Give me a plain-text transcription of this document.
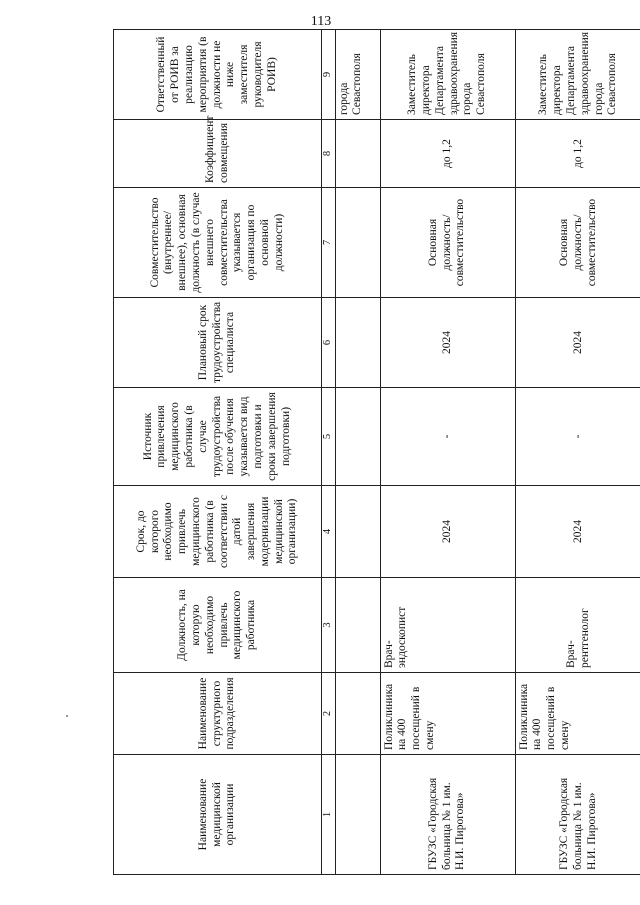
113
Наименование медицинской организации	Наименование структурного подразделения	Должность, на которую необходимо привлечь медицинского работника	Срок, до которого необходимо привлечь медицинского работника (в соответствии с датой завершения модернизации медицинской организации)	Источник привлечения медицинского работника (в случае трудоустройства после обучения указывается вид подготовки и сроки завершения подготовки)	Плановый срок трудоустройства специалиста	Совместительство (внутреннее/внешнее), основная должность (в случае внешнего совместительства указывается организация по основной должности)	Коэффициент совмещения	Ответственный от РОИВ за реализацию мероприятия (в должности не ниже заместителя руководителя РОИВ)
1	2	3	4	5	6	7	8	9
								города Севастополя
ГБУЗС «Городская больница № 1 им. Н.И. Пирогова»	Поликлиника на 400 посещений в смену	Врач-эндоскопист	2024	-	2024	Основная должность/совместительство	до 1,2	Заместитель директора Департамента здравоохранения города Севастополя
ГБУЗС «Городская больница № 1 им. Н.И. Пирогова»	Поликлиника на 400 посещений в смену	Врач-рентгенолог	2024	-	2024	Основная должность/совместительство	до 1,2	Заместитель директора Департамента здравоохранения города Севастополя
